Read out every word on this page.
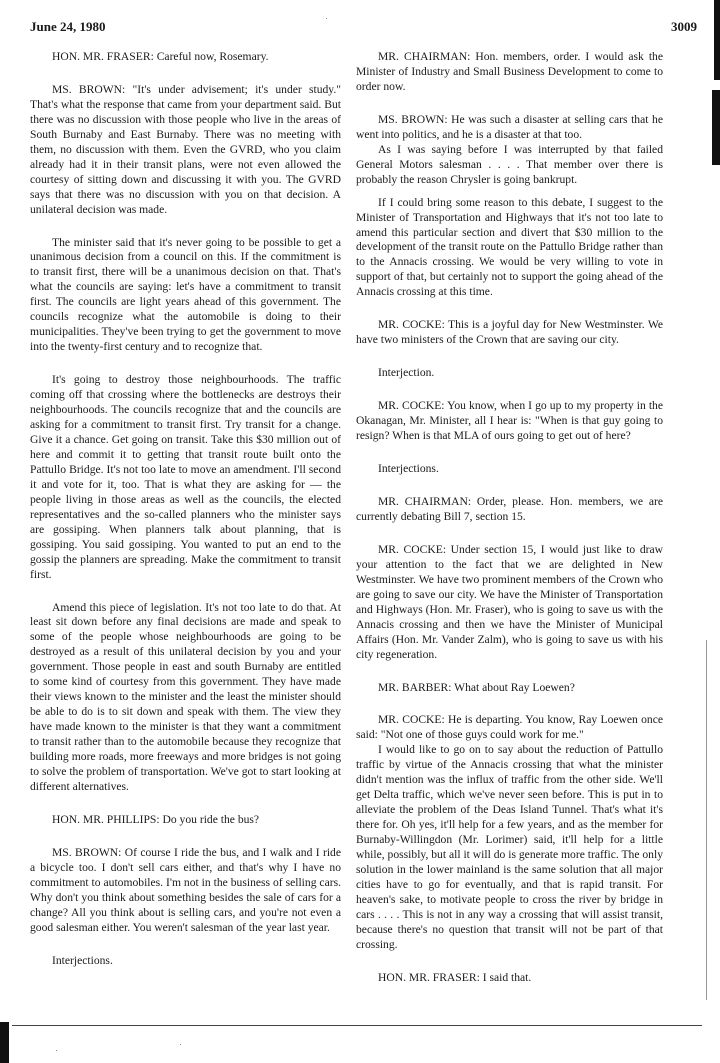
June 24, 1980	3009

HON. MR. FRASER: Careful now, Rosemary.

MS. BROWN: "It's under advisement; it's under study." That's what the response that came from your department said. But there was no discussion with those people who live in the areas of South Burnaby and East Burnaby. There was no meeting with them, no discussion with them. Even the GVRD, who you claim already had it in their transit plans, were not even allowed the courtesy of sitting down and discussing it with you. The GVRD says that there was no discussion with you on that decision. A unilateral decision was made.

The minister said that it's never going to be possible to get a unanimous decision from a council on this. If the commitment is to transit first, there will be a unanimous decision on that. That's what the councils are saying: let's have a commitment to transit first. The councils are light years ahead of this government. The councils recognize what the automobile is doing to their municipalities. They've been trying to get the government to move into the twenty-first century and to recognize that.

It's going to destroy those neighbourhoods. The traffic coming off that crossing where the bottlenecks are destroys their neighbourhoods. The councils recognize that and the councils are asking for a commitment to transit first. Try transit for a change. Give it a chance. Get going on transit. Take this $30 million out of here and commit it to getting that transit route built onto the Pattullo Bridge. It's not too late to move an amendment. I'll second it and vote for it, too. That is what they are asking for — the people living in those areas as well as the councils, the elected representatives and the so-called planners who the minister says are gossiping. When planners talk about planning, that is gossiping. You said gossiping. You wanted to put an end to the gossip the planners are spreading. Make the commitment to transit first.

Amend this piece of legislation. It's not too late to do that. At least sit down before any final decisions are made and speak to some of the people whose neighbourhoods are going to be destroyed as a result of this unilateral decision by you and your government. Those people in east and south Burnaby are entitled to some kind of courtesy from this government. They have made their views known to the minister and the least the minister should be able to do is to sit down and speak with them. The view they have made known to the minister is that they want a commitment to transit rather than to the automobile because they recognize that building more roads, more freeways and more bridges is not going to solve the problem of transportation. We've got to start looking at different alternatives.

HON. MR. PHILLIPS: Do you ride the bus?

MS. BROWN: Of course I ride the bus, and I walk and I ride a bicycle too. I don't sell cars either, and that's why I have no commitment to automobiles. I'm not in the business of selling cars. Why don't you think about something besides the sale of cars for a change? All you think about is selling cars, and you're not even a good salesman either. You weren't salesman of the year last year.

Interjections.

MR. CHAIRMAN: Hon. members, order. I would ask the Minister of Industry and Small Business Development to come to order now.

MS. BROWN: He was such a disaster at selling cars that he went into politics, and he is a disaster at that too.

As I was saying before I was interrupted by that failed General Motors salesman . . . . That member over there is probably the reason Chrysler is going bankrupt.

If I could bring some reason to this debate, I suggest to the Minister of Transportation and Highways that it's not too late to amend this particular section and divert that $30 million to the development of the transit route on the Pattullo Bridge rather than to the Annacis crossing. We would be very willing to vote in support of that, but certainly not to support the going ahead of the Annacis crossing at this time.

MR. COCKE: This is a joyful day for New Westminster. We have two ministers of the Crown that are saving our city.

Interjection.

MR. COCKE: You know, when I go up to my property in the Okanagan, Mr. Minister, all I hear is: "When is that guy going to resign? When is that MLA of ours going to get out of here?

Interjections.

MR. CHAIRMAN: Order, please. Hon. members, we are currently debating Bill 7, section 15.

MR. COCKE: Under section 15, I would just like to draw your attention to the fact that we are delighted in New Westminster. We have two prominent members of the Crown who are going to save our city. We have the Minister of Transportation and Highways (Hon. Mr. Fraser), who is going to save us with the Annacis crossing and then we have the Minister of Municipal Affairs (Hon. Mr. Vander Zalm), who is going to save us with his city regeneration.

MR. BARBER: What about Ray Loewen?

MR. COCKE: He is departing. You know, Ray Loewen once said: "Not one of those guys could work for me."

I would like to go on to say about the reduction of Pattullo traffic by virtue of the Annacis crossing that what the minister didn't mention was the influx of traffic from the other side. We'll get Delta traffic, which we've never seen before. This is put in to alleviate the problem of the Deas Island Tunnel. That's what it's there for. Oh yes, it'll help for a few years, and as the member for Burnaby-Willingdon (Mr. Lorimer) said, it'll help for a little while, possibly, but all it will do is generate more traffic. The only solution in the lower mainland is the same solution that all major cities have to go for eventually, and that is rapid transit. For heaven's sake, to motivate people to cross the river by bridge in cars . . . . This is not in any way a crossing that will assist transit, because there's no question that transit will not be part of that crossing.

HON. MR. FRASER: I said that.
